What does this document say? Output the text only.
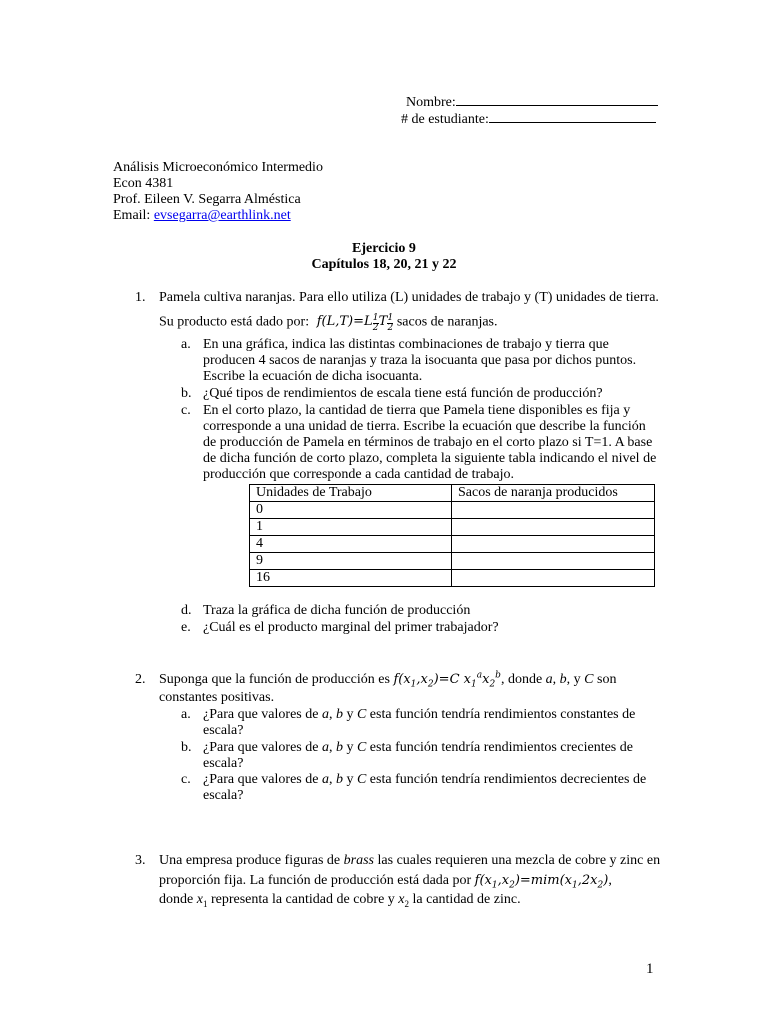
Nombre:
# de estudiante:
Análisis Microeconómico Intermedio
Econ 4381
Prof. Eileen V. Segarra Alméstica
Email: evsegarra@earthlink.net
Ejercicio 9
Capítulos 18, 20, 21 y 22
1. Pamela cultiva naranjas. Para ello utiliza (L) unidades de trabajo y (T) unidades de tierra.
Su producto está dado por:  $f(L,T)=L \frac{1}{2}$ T $\frac{1}{2}$ sacos de naranjas.
a. En una gráfica, indica las distintas combinaciones de trabajo y tierra que
producen 4 sacos de naranjas y traza la isocuanta que pasa por dichos puntos.
Escribe la ecuación de dicha isocuanta.
b. ¿Qué tipos de rendimientos de escala tiene está función de producción?
c. En el corto plazo, la cantidad de tierra que Pamela tiene disponibles es fija y
corresponde a una unidad de tierra. Escribe la ecuación que describe la función
de producción de Pamela en términos de trabajo en el corto plazo si T=1. A base
de dicha función de corto plazo, completa la siguiente tabla indicando el nivel de
producción que corresponde a cada cantidad de trabajo.
Unidades de Trabajo	Sacos de naranja producidos
0	
1	
4	
9	
16	
d. Traza la gráfica de dicha función de producción
e. ¿Cuál es el producto marginal del primer trabajador?
2. Suponga que la función de producción es $f(x_1,x_2)=C$ $x_1^ax_2^b$, donde a, b, y C son
constantes positivas.
a. ¿Para que valores de a, b y C esta función tendría rendimientos constantes de
escala?
b. ¿Para que valores de a, b y C esta función tendría rendimientos crecientes de
escala?
c. ¿Para que valores de a, b y C esta función tendría rendimientos decrecientes de
escala?
3. Una empresa produce figuras de brass las cuales requieren una mezcla de cobre y zinc en
proporción fija. La función de producción está dada por $f(x_1,x_2)=mim(x_1,2x_2)$,
donde $x_1$ representa la cantidad de cobre y $x_2$ la cantidad de zinc.
1
